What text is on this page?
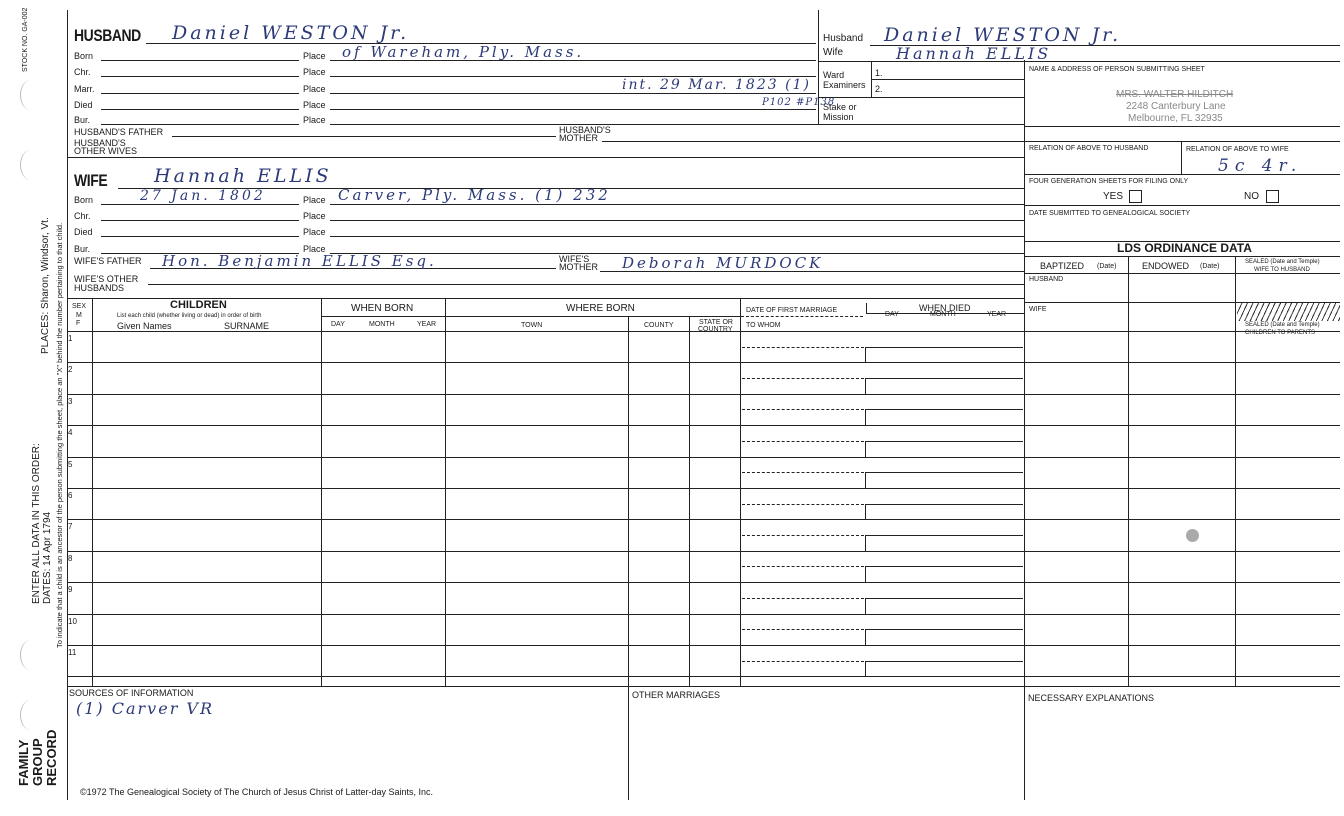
STOCK NO. GA-002
PLACES: Sharon, Windsor, Vt.
ENTER ALL DATA IN THIS ORDER: DATES: 14 Apr 1794 To indicate that a child is an ancestor of the person submitting the sheet, place an "X" behind the number pertaining to that child.
FAMILY GROUP RECORD
HUSBAND Daniel WESTON Jr.
Born	Place of Wareham, Ply. Mass.
Chr.	Place
Marr.	Place	int. 29 Mar. 1823 (1)
P102 #P138
Died	Place
Bur.	Place
HUSBAND'S FATHER	HUSBAND'S
MOTHER
HUSBAND'S
OTHER WIVES
WIFE Hannah ELLIS
Born	27 Jan. 1802	Place Carver, Ply. Mass. (1) 232
Chr.	Place
Died	Place
Bur.	Place
WIFE'S FATHER Hon. Benjamin ELLIS Esq.	WIFE'S
MOTHER Deborah MURDOCK
WIFE'S OTHER
HUSBANDS
Husband Daniel WESTON Jr.
Wife	Hannah ELLIS
Ward
Examiners
1.
2.
Stake or
Mission
NAME & ADDRESS OF PERSON SUBMITTING SHEET
MRS. WALTER HILDITCH
2248 Canterbury Lane
Melbourne, FL 32935
RELATION OF ABOVE TO HUSBAND	RELATION OF ABOVE TO WIFE
5c 4r.
FOUR GENERATION SHEETS FOR FILING ONLY
YES	NO
DATE SUBMITTED TO GENEALOGICAL SOCIETY
LDS ORDINANCE DATA
BAPTIZED (Date)	ENDOWED (Date)
SEALED (Date and Temple)
WIFE TO HUSBAND
HUSBAND
WIFE
SEALED (Date and Temple)
CHILDREN TO PARENTS
SEX
M
F
CHILDREN
List each child (whether living or dead) in order of birth
Given Names	SURNAME
WHEN BORN
DAY	MONTH	YEAR
WHERE BORN
TOWN	COUNTY	STATE OR
COUNTRY
DATE OF FIRST MARRIAGE
TO WHOM
WHEN DIED
DAY	MONTH	YEAR
1
2
3
4
5
6
7
8
9
10
11
SOURCES OF INFORMATION
(1) Carver VR
OTHER MARRIAGES	NECESSARY EXPLANATIONS
©1972 The Genealogical Society of The Church of Jesus Christ of Latter-day Saints, Inc.
